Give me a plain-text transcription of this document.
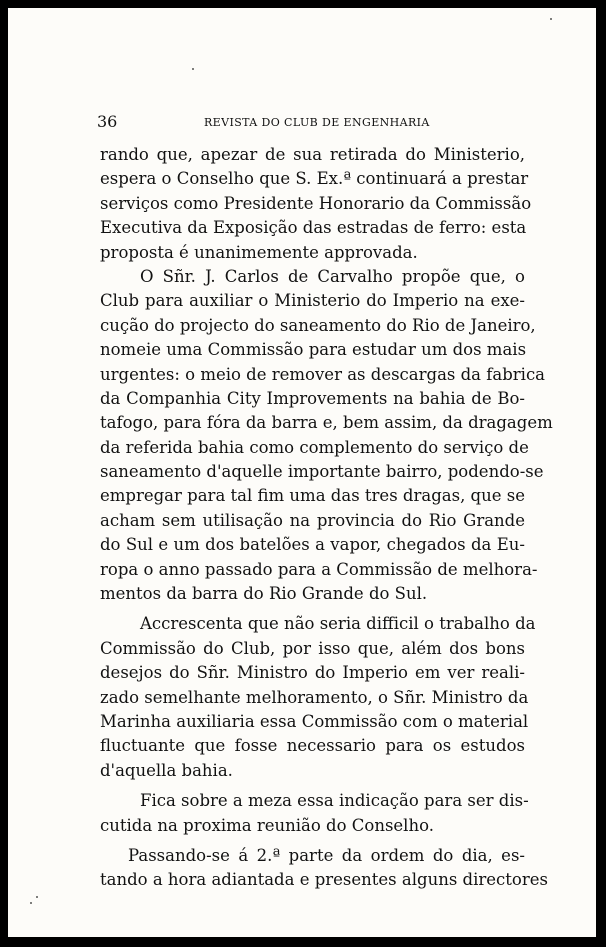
36	REVISTA DO CLUB DE ENGENHARIA
rando que, apezar de sua retirada do Ministerio,
espera o Conselho que S. Ex.ª continuará a prestar
serviços como Presidente Honorario da Commissão
Executiva da Exposição das estradas de ferro: esta
proposta é unanimemente approvada.
O Sñr. J. Carlos de Carvalho propõe que, o
Club para auxiliar o Ministerio do Imperio na exe-
cução do projecto do saneamento do Rio de Janeiro,
nomeie uma Commissão para estudar um dos mais
urgentes: o meio de remover as descargas da fabrica
da Companhia City Improvements na bahia de Bo-
tafogo, para fóra da barra e, bem assim, da dragagem
da referida bahia como complemento do serviço de
saneamento d'aquelle importante bairro, podendo-se
empregar para tal fim uma das tres dragas, que se
acham sem utilisação na provincia do Rio Grande
do Sul e um dos batelões a vapor, chegados da Eu-
ropa o anno passado para a Commissão de melhora-
mentos da barra do Rio Grande do Sul.
Accrescenta que não seria difficil o trabalho da
Commissão do Club, por isso que, além dos bons
desejos do Sñr. Ministro do Imperio em ver reali-
zado semelhante melhoramento, o Sñr. Ministro da
Marinha auxiliaria essa Commissão com o material
fluctuante que fosse necessario para os estudos
d'aquella bahia.
Fica sobre a meza essa indicação para ser dis-
cutida na proxima reunião do Conselho.
Passando-se á 2.ª parte da ordem do dia, es-
tando a hora adiantada e presentes alguns directores
